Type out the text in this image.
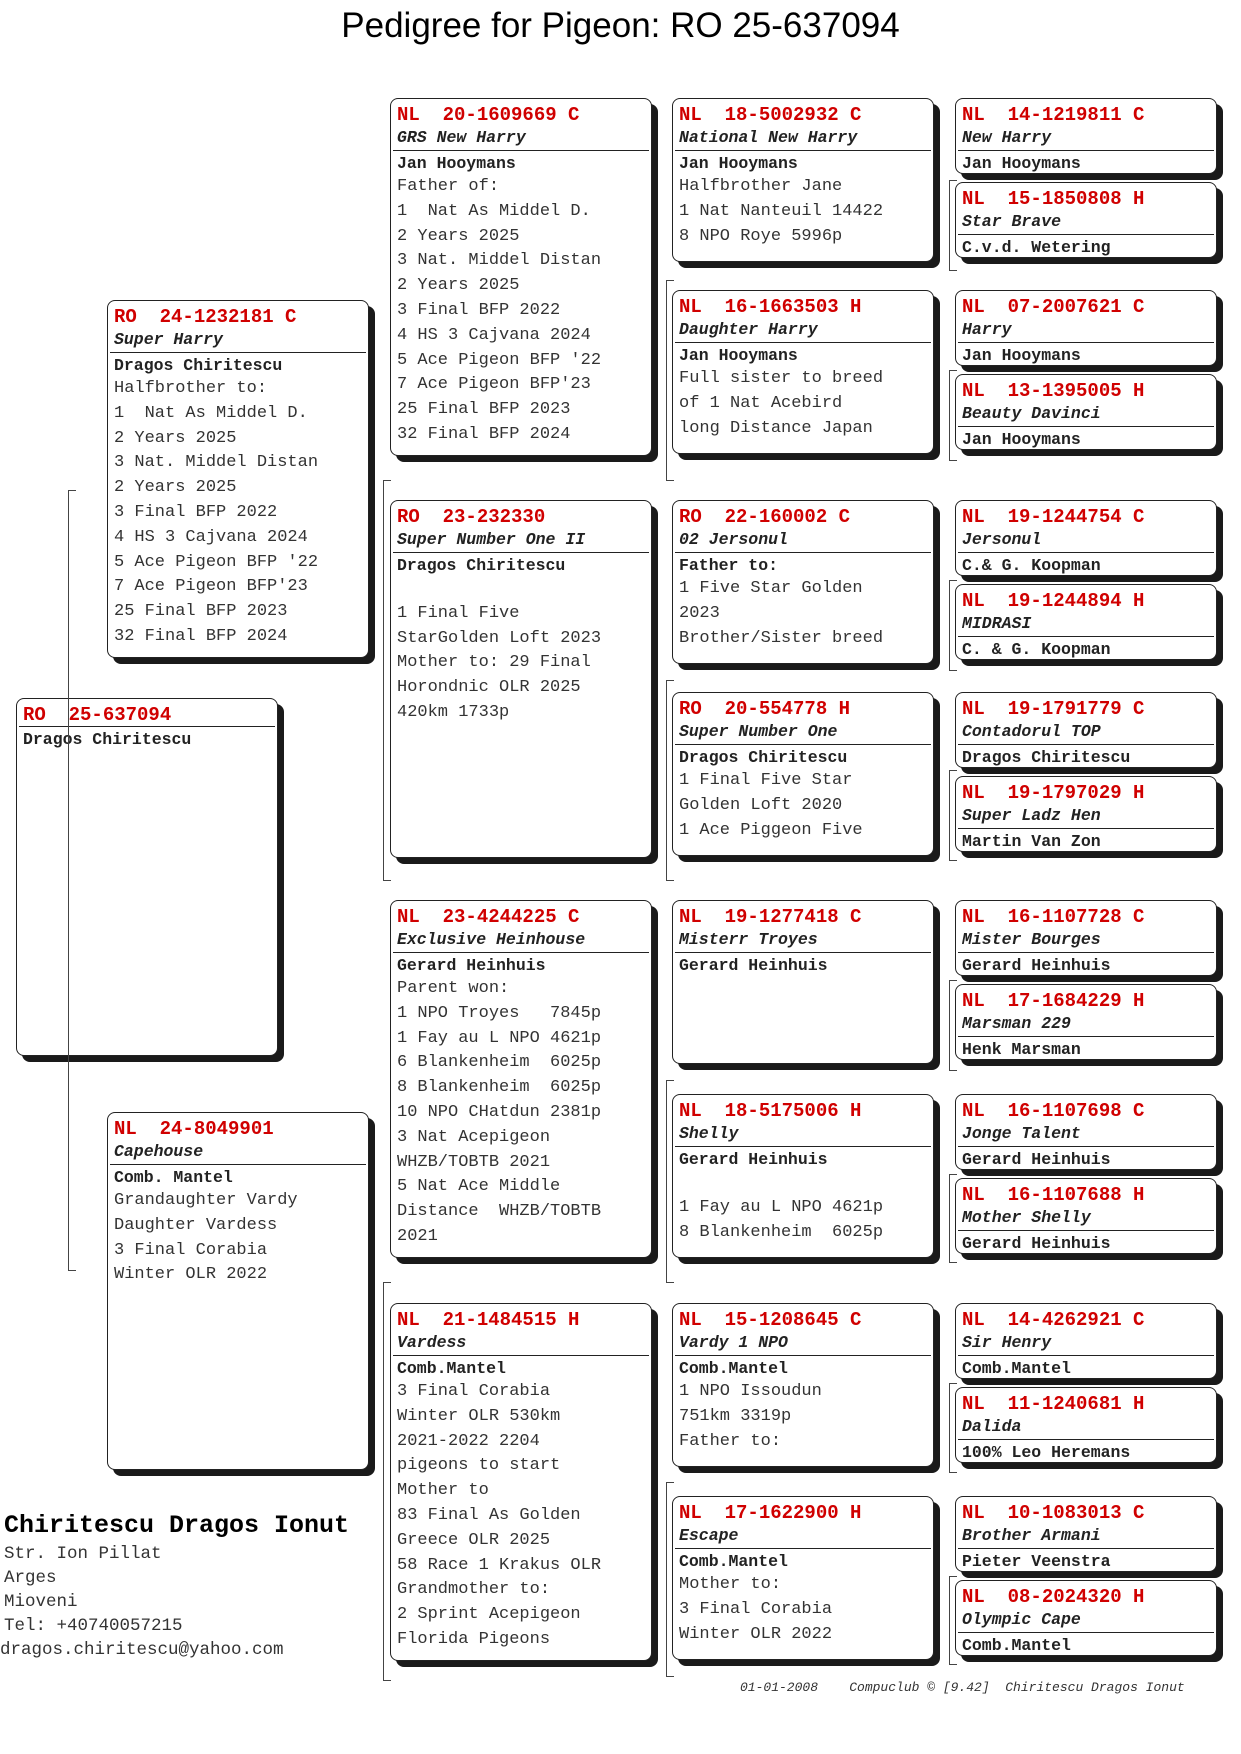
Pedigree for Pigeon: RO 25-637094
RO  25-637094
Dragos Chiritescu
RO  24-1232181 C
Super Harry
Dragos Chiritescu
Halfbrother to:
1  Nat As Middel D.
2 Years 2025
3 Nat. Middel Distan
2 Years 2025
3 Final BFP 2022
4 HS 3 Cajvana 2024
5 Ace Pigeon BFP '22
7 Ace Pigeon BFP'23
25 Final BFP 2023
32 Final BFP 2024
NL  24-8049901
Capehouse
Comb. Mantel
Grandaughter Vardy
Daughter Vardess
3 Final Corabia
Winter OLR 2022
NL  20-1609669 C
GRS New Harry
Jan Hooymans
Father of:
1  Nat As Middel D.
2 Years 2025
3 Nat. Middel Distan
2 Years 2025
3 Final BFP 2022
4 HS 3 Cajvana 2024
5 Ace Pigeon BFP '22
7 Ace Pigeon BFP'23
25 Final BFP 2023
32 Final BFP 2024
RO  23-232330
Super Number One II
Dragos Chiritescu

1 Final Five
StarGolden Loft 2023
Mother to: 29 Final
Horondnic OLR 2025
420km 1733p
NL  23-4244225 C
Exclusive Heinhouse
Gerard Heinhuis
Parent won:
1 NPO Troyes   7845p
1 Fay au L NPO 4621p
6 Blankenheim  6025p
8 Blankenheim  6025p
10 NPO CHatdun 2381p
3 Nat Acepigeon
WHZB/TOBTB 2021
5 Nat Ace Middle
Distance  WHZB/TOBTB
2021
NL  21-1484515 H
Vardess
Comb.Mantel
3 Final Corabia
Winter OLR 530km
2021-2022 2204
pigeons to start
Mother to
83 Final As Golden
Greece OLR 2025
58 Race 1 Krakus OLR
Grandmother to:
2 Sprint Acepigeon
Florida Pigeons
NL  18-5002932 C
National New Harry
Jan Hooymans
Halfbrother Jane
1 Nat Nanteuil 14422
8 NPO Roye 5996p
NL  16-1663503 H
Daughter Harry
Jan Hooymans
Full sister to breed
of 1 Nat Acebird
long Distance Japan
RO  22-160002 C
02 Jersonul
Father to:
1 Five Star Golden
2023
Brother/Sister breed
RO  20-554778 H
Super Number One
Dragos Chiritescu
1 Final Five Star
Golden Loft 2020
1 Ace Piggeon Five
NL  19-1277418 C
Misterr Troyes
Gerard Heinhuis
NL  18-5175006 H
Shelly
Gerard Heinhuis

1 Fay au L NPO 4621p
8 Blankenheim  6025p
NL  15-1208645 C
Vardy 1 NPO
Comb.Mantel
1 NPO Issoudun
751km 3319p
Father to:
NL  17-1622900 H
Escape
Comb.Mantel
Mother to:
3 Final Corabia
Winter OLR 2022
NL  14-1219811 C
New Harry
Jan Hooymans
NL  15-1850808 H
Star Brave
C.v.d. Wetering
NL  07-2007621 C
Harry
Jan Hooymans
NL  13-1395005 H
Beauty Davinci
Jan Hooymans
NL  19-1244754 C
Jersonul
C.& G. Koopman
NL  19-1244894 H
MIDRASI
C. & G. Koopman
NL  19-1791779 C
Contadorul TOP
Dragos Chiritescu
NL  19-1797029 H
Super Ladz Hen
Martin Van Zon
NL  16-1107728 C
Mister Bourges
Gerard Heinhuis
NL  17-1684229 H
Marsman 229
Henk Marsman
NL  16-1107698 C
Jonge Talent
Gerard Heinhuis
NL  16-1107688 H
Mother Shelly
Gerard Heinhuis
NL  14-4262921 C
Sir Henry
Comb.Mantel
NL  11-1240681 H
Dalida
100% Leo Heremans
NL  10-1083013 C
Brother Armani
Pieter Veenstra
NL  08-2024320 H
Olympic Cape
Comb.Mantel
Chiritescu Dragos Ionut
Str. Ion Pillat
Arges
Mioveni
Tel: +40740057215
dragos.chiritescu@yahoo.com
01-01-2008    Compuclub © [9.42]  Chiritescu Dragos Ionut
